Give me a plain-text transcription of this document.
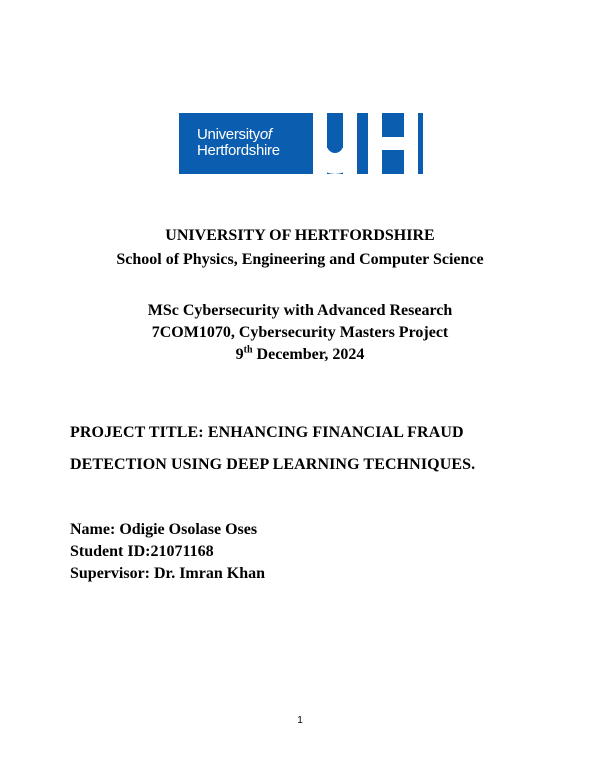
Universityof
Hertfordshire
UNIVERSITY OF HERTFORDSHIRE
School of Physics, Engineering and Computer Science
MSc Cybersecurity with Advanced Research
7COM1070, Cybersecurity Masters Project
9th December, 2024
PROJECT TITLE: ENHANCING FINANCIAL FRAUD
DETECTION USING DEEP LEARNING TECHNIQUES.
Name: Odigie Osolase Oses
Student ID:21071168
Supervisor: Dr. Imran Khan
1
